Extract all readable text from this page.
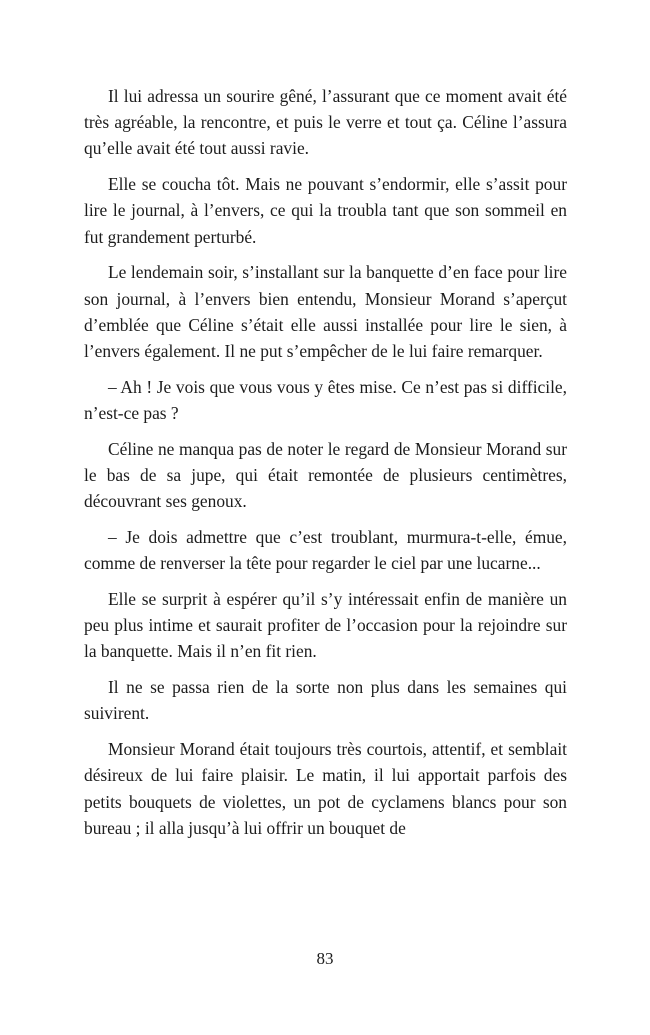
Il lui adressa un sourire gêné, l’assurant que ce moment avait été très agréable, la rencontre, et puis le verre et tout ça. Céline l’assura qu’elle avait été tout aussi ravie.

Elle se coucha tôt. Mais ne pouvant s’endormir, elle s’assit pour lire le journal, à l’envers, ce qui la troubla tant que son sommeil en fut grandement perturbé.

Le lendemain soir, s’installant sur la banquette d’en face pour lire son journal, à l’envers bien entendu, Monsieur Morand s’aperçut d’emblée que Céline s’était elle aussi installée pour lire le sien, à l’envers également. Il ne put s’empêcher de le lui faire remarquer.

– Ah ! Je vois que vous vous y êtes mise. Ce n’est pas si difficile, n’est-ce pas ?

Céline ne manqua pas de noter le regard de Monsieur Morand sur le bas de sa jupe, qui était remontée de plusieurs centimètres, découvrant ses genoux.

– Je dois admettre que c’est troublant, murmura-t-elle, émue, comme de renverser la tête pour regarder le ciel par une lucarne...

Elle se surprit à espérer qu’il s’y intéressait enfin de manière un peu plus intime et saurait profiter de l’occasion pour la rejoindre sur la banquette. Mais il n’en fit rien.

Il ne se passa rien de la sorte non plus dans les semaines qui suivirent.

Monsieur Morand était toujours très courtois, attentif, et semblait désireux de lui faire plaisir. Le matin, il lui apportait parfois des petits bouquets de violettes, un pot de cyclamens blancs pour son bureau ; il alla jusqu’à lui offrir un bouquet de

83
